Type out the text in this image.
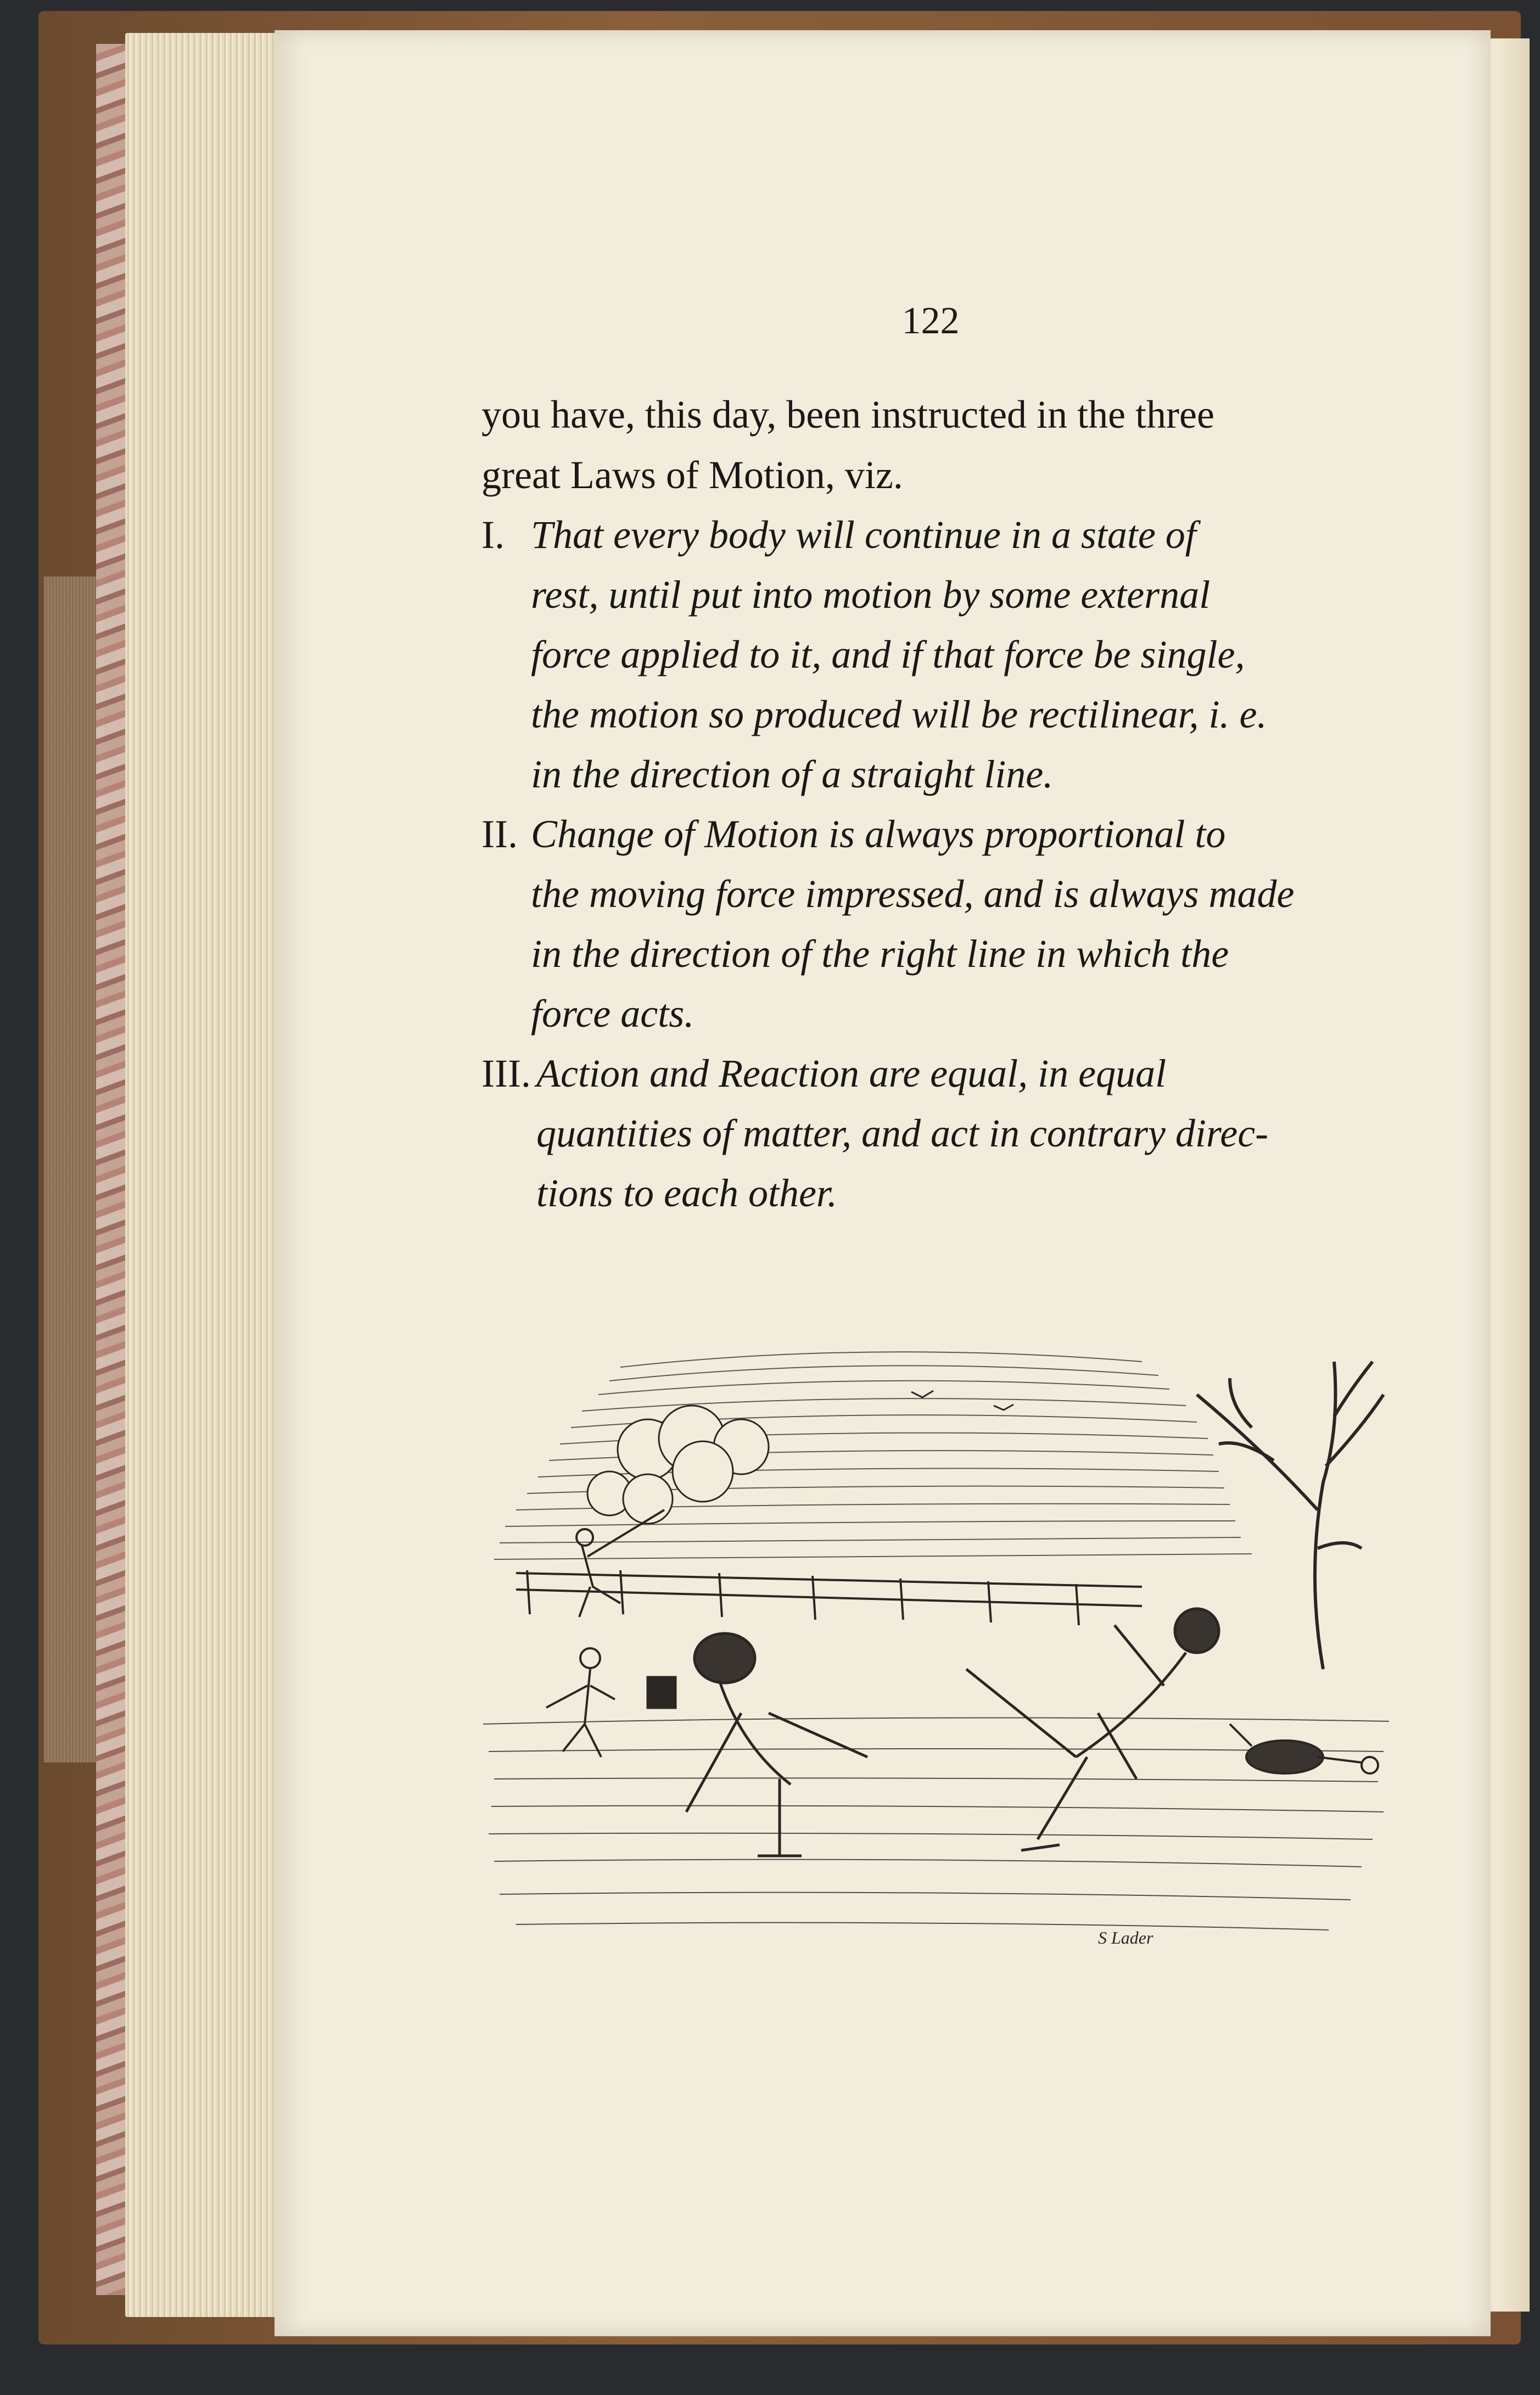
122
you have, this day, been instructed in the three
great Laws of Motion, viz.
I. That every body will continue in a state of
rest, until put into motion by some external
force applied to it, and if that force be single,
the motion so produced will be rectilinear, i. e.
in the direction of a straight line.
II. Change of Motion is always proportional to
the moving force impressed, and is always made
in the direction of the right line in which the
force acts.
III. Action and Reaction are equal, in equal
quantities of matter, and act in contrary direc-
tions to each other.
S Lader
